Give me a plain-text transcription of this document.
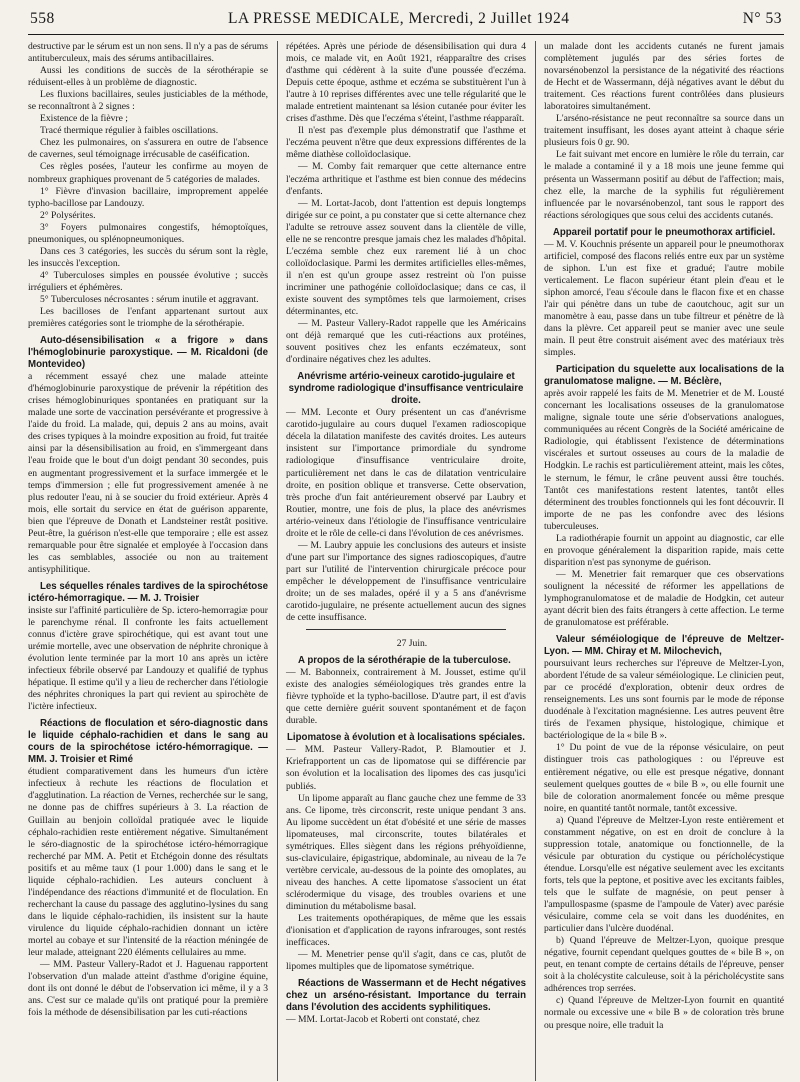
558	LA PRESSE MEDICALE, Mercredi, 2 Juillet 1924	N° 53

destructive par le sérum est un non sens. Il n'y a pas de sérums antituberculeux, mais des sérums antibacillaires.

Aussi les conditions de succès de la sérothérapie se réduisent-elles à un problème de diagnostic.

Les fluxions bacillaires, seules justiciables de la méthode, se reconnaîtront à 2 signes :

Existence de la fièvre ;

Tracé thermique régulier à faibles oscillations.

Chez les pulmonaires, on s'assurera en outre de l'absence de cavernes, seul témoignage irrécusable de caséification.

Ces règles posées, l'auteur les confirme au moyen de nombreux graphiques provenant de 5 catégories de malades.

1° Fièvre d'invasion bacillaire, improprement appelée typho-bacillose par Landouzy.

2° Polysérites.

3° Foyers pulmonaires congestifs, hémoptoïques, pneumoniques, ou splénopneumoniques.

Dans ces 3 catégories, les succès du sérum sont la règle, les insuccès l'exception.

4° Tuberculoses simples en poussée évolutive ; succès irréguliers et éphémères.

5° Tuberculoses nécrosantes : sérum inutile et aggravant.

Les bacilloses de l'enfant appartenant surtout aux premières catégories sont le triomphe de la sérothérapie.

Auto-désensibilisation « a frigore » dans l'hémoglobinurie paroxystique. — M. Ricaldoni (de Montevideo)

a récemment essayé chez une malade atteinte d'hémoglobinurie paroxystique de prévenir la répétition des crises hémoglobinuriques spontanées en pratiquant sur la malade une sorte de vaccination persévérante et progressive à l'aide du froid. La malade, qui, depuis 2 ans au moins, avait des crises typiques à la moindre exposition au froid, fut traitée ainsi par la désensibilisation au froid, en s'immergeant dans l'eau froide que le bout d'un doigt pendant 30 secondes, puis en augmentant progressivement et la surface immergée et le temps d'immersion ; elle fut progressivement amenée à ne plus redouter l'eau, ni à se soucier du froid extérieur. Après 4 mois, elle sortait du service en état de guérison apparente, bien que l'épreuve de Donath et Landsteiner restât positive. Peut-être, la guérison n'est-elle que temporaire ; elle est assez remarquable pour être signalée et employée à l'occasion dans les cas semblables, associée ou non au traitement antisyphilitique.

Les séquelles rénales tardives de la spirochétose ictéro-hémorragique. — M. J. Troisier

insiste sur l'affinité particulière de Sp. ictero-hemorragiæ pour le parenchyme rénal. Il confronte les faits actuellement connus d'ictère grave spirochétique, qui est avant tout une urémie mortelle, avec une observation de néphrite chronique à évolution lente terminée par la mort 10 ans après un ictère infectieux fébrile observé par Landouzy et qualifié de typhus hépatique. Il estime qu'il y a lieu de rechercher dans l'étiologie des néphrites chroniques la part qui revient au spirochète de l'ictère infectieux.

Réactions de floculation et séro-diagnostic dans le liquide céphalo-rachidien et dans le sang au cours de la spirochétose ictéro-hémorragique. — MM. J. Troisier et Rimé

étudient comparativement dans les humeurs d'un ictère infectieux à rechute les réactions de floculation et d'agglutination. La réaction de Vernes, recherchée sur le sang, ne donne pas de chiffres supérieurs à 3. La réaction de Guillain au benjoin colloïdal pratiquée avec le liquide céphalo-rachidien reste entièrement négative. Simultanément le séro-diagnostic de la spirochétose ictéro-hémorragique recherché par MM. A. Petit et Etchégoin donne des résultats positifs et au même taux (1 pour 1.000) dans le sang et le liquide céphalo-rachidien. Les auteurs concluent à l'indépendance des réactions d'immunité et de floculation. En recherchant la cause du passage des agglutino-lysines du sang dans le liquide céphalo-rachidien, ils insistent sur la haute virulence du liquide céphalo-rachidien donnant un ictère mortel au cobaye et sur l'intensité de la réaction méningée de leur malade, atteignant 220 éléments cellulaires au mme.

— MM. Pasteur Vallery-Radot et J. Haguenau rapportent l'observation d'un malade atteint d'asthme d'origine équine, dont ils ont donné le début de l'observation ici même, il y a 3 ans. C'est sur ce malade qu'ils ont pratiqué pour la première fois la méthode de désensibilisation par les cuti-réactions

répétées. Après une période de désensibilisation qui dura 4 mois, ce malade vit, en Août 1921, réapparaître des crises d'asthme qui cédèrent à la suite d'une poussée d'eczéma. Depuis cette époque, asthme et eczéma se substituèrent l'un à l'autre à 10 reprises différentes avec une telle régularité que le malade entretient maintenant sa lésion cutanée pour éviter les crises d'asthme. Dès que l'eczéma s'éteint, l'asthme réapparaît.

Il n'est pas d'exemple plus démonstratif que l'asthme et l'eczéma peuvent n'être que deux expressions différentes de la même diathèse colloïdoclasique.

— M. Comby fait remarquer que cette alternance entre l'eczéma arthritique et l'asthme est bien connue des médecins d'enfants.

— M. Lortat-Jacob, dont l'attention est depuis longtemps dirigée sur ce point, a pu constater que si cette alternance chez l'adulte se retrouve assez souvent dans la clientèle de ville, elle ne se rencontre presque jamais chez les malades d'hôpital. L'eczéma semble chez eux rarement lié à un choc colloïdoclasique. Parmi les dermites artificielles elles-mêmes, il n'en est qu'un groupe assez restreint où l'on puisse incriminer une pathogénie colloïdoclasique; dans ce cas, il existe souvent des symptômes tels que larmoiement, crises déterminantes, etc.

— M. Pasteur Vallery-Radot rappelle que les Américains ont déjà remarqué que les cuti-réactions aux protéines, souvent positives chez les enfants eczémateux, sont d'ordinaire négatives chez les adultes.

Anévrisme artério-veineux carotido-jugulaire et syndrome radiologique d'insuffisance ventriculaire droite.

— MM. Leconte et Oury présentent un cas d'anévrisme carotido-jugulaire au cours duquel l'examen radioscopique décela la dilatation manifeste des cavités droites. Les auteurs insistent sur l'importance primordiale du syndrome radiologique d'insuffisance ventriculaire droite, particulièrement net dans le cas de dilatation ventriculaire droite, en position oblique et transverse. Cette observation, très proche d'un fait antérieurement observé par Laubry et Routier, montre, une fois de plus, la place des anévrismes artério-veineux dans l'étiologie de l'insuffisance ventriculaire droite et le rôle de celle-ci dans l'évolution de ces anévrismes.

— M. Laubry appuie les conclusions des auteurs et insiste d'une part sur l'importance des signes radioscopiques, d'autre part sur l'utilité de l'intervention chirurgicale précoce pour empêcher le développement de l'insuffisance ventriculaire droite; un de ses malades, opéré il y a 5 ans d'anévrisme carotido-jugulaire, ne présente actuellement aucun des signes de cette insuffisance.

27 Juin.

A propos de la sérothérapie de la tuberculose.

— M. Babonneix, contrairement à M. Jousset, estime qu'il existe des analogies séméiologiques très grandes entre la fièvre typhoïde et la typho-bacillose. D'autre part, il est d'avis que cette dernière guérit souvent spontanément et de façon durable.

Lipomatose à évolution et à localisations spéciales.

— MM. Pasteur Vallery-Radot, P. Blamoutier et J. Kriefrapportent un cas de lipomatose qui se différencie par son évolution et la localisation des lipomes des cas jusqu'ici publiés.

Un lipome apparaît au flanc gauche chez une femme de 33 ans. Ce lipome, très circonscrit, reste unique pendant 3 ans. Au lipome succèdent un état d'obésité et une série de masses lipomateuses, mal circonscrite, toutes bilatérales et symétriques. Elles siègent dans les régions préhyoïdienne, sus-claviculaire, épigastrique, abdominale, au niveau de la 7e vertèbre cervicale, au-dessous de la pointe des omoplates, au niveau des hanches. A cette lipomatose s'associent un état sclérodermique du visage, des troubles ovariens et une diminution du métabolisme basal.

Les traitements opothérapiques, de même que les essais d'ionisation et d'application de rayons infrarouges, sont restés inefficaces.

— M. Menetrier pense qu'il s'agit, dans ce cas, plutôt de lipomes multiples que de lipomatose symétrique.

Réactions de Wassermann et de Hecht négatives chez un arséno-résistant. Importance du terrain dans l'évolution des accidents syphilitiques.

— MM. Lortat-Jacob et Roberti ont constaté, chez

un malade dont les accidents cutanés ne furent jamais complètement jugulés par des séries fortes de novarsénobenzol la persistance de la négativité des réactions de Hecht et de Wassermann, déjà négatives avant le début du traitement. Ces réactions furent contrôlées dans plusieurs laboratoires simultanément.

L'arséno-résistance ne peut reconnaître sa source dans un traitement insuffisant, les doses ayant atteint à chaque série plusieurs fois 0 gr. 90.

Le fait suivant met encore en lumière le rôle du terrain, car le malade a contaminé il y a 18 mois une jeune femme qui présenta un Wassermann positif au début de l'affection; mais, chez elle, la marche de la syphilis fut régulièrement influencée par le novarsénobenzol, tant sous le rapport des réactions sérologiques que sous celui des accidents cutanés.

Appareil portatif pour le pneumothorax artificiel.

— M. V. Kouchnis présente un appareil pour le pneumothorax artificiel, composé des flacons reliés entre eux par un système de siphon. L'un est fixe et gradué; l'autre mobile verticalement. Le flacon supérieur étant plein d'eau et le siphon amorcé, l'eau s'écoule dans le flacon fixe et en chasse l'air qui pénètre dans un tube de caoutchouc, agit sur un manomètre à eau, passe dans un tube filtreur et pénètre de là dans la plèvre. Cet appareil peut se manier avec une seule main. Il peut être construit aisément avec des matériaux très simples.

Participation du squelette aux localisations de la granulomatose maligne. — M. Béclère,

après avoir rappelé les faits de M. Menetrier et de M. Lousté concernant les localisations osseuses de la granulomatose maligne, signale toute une série d'observations analogues, communiquées au récent Congrès de la Société américaine de Radiologie, qui établissent l'existence de déterminations viscérales et surtout osseuses au cours de la maladie de Hodgkin. Le rachis est particulièrement atteint, mais les côtes, le sternum, le fémur, le crâne peuvent aussi être touchés. Tantôt ces manifestations restent latentes, tantôt elles déterminent des troubles fonctionnels qui les font découvrir. Il importe de ne pas les confondre avec des lésions tuberculeuses.

La radiothérapie fournit un appoint au diagnostic, car elle en provoque généralement la disparition rapide, mais cette disparition n'est pas synonyme de guérison.

— M. Menetrier fait remarquer que ces observations soulignent la nécessité de réformer les appellations de lymphogranulomatose et de maladie de Hodgkin, cet auteur ayant décrit bien des faits étrangers à cette affection. Le terme de granulomatose est préférable.

Valeur séméiologique de l'épreuve de Meltzer-Lyon. — MM. Chiray et M. Milochevich,

poursuivant leurs recherches sur l'épreuve de Meltzer-Lyon, abordent l'étude de sa valeur séméiologique. Le clinicien peut, par ce procédé d'exploration, obtenir deux ordres de renseignements. Les uns sont fournis par le mode de réponse duodénale à l'excitation magnésienne. Les autres peuvent être tirés de l'examen physique, histologique, chimique et bactériologique de la « bile B ».

1° Du point de vue de la réponse vésiculaire, on peut distinguer trois cas pathologiques : ou l'épreuve est entièrement négative, ou elle est presque négative, donnant seulement quelques gouttes de « bile B », ou elle fournit une bile de coloration anormalement foncée ou même presque noire, en quantité tantôt normale, tantôt excessive.

a) Quand l'épreuve de Meltzer-Lyon reste entièrement et constamment négative, on est en droit de conclure à la suppression totale, anatomique ou fonctionnelle, de la vésicule par obturation du cystique ou pérícholécystique étendue. Lorsqu'elle est négative seulement avec les excitants forts, tels que la peptone, et positive avec les excitants faibles, tels que le sulfate de magnésie, on peut penser à l'ampullospasme (spasme de l'ampoule de Vater) avec parésie vésiculaire, comme cela se voit dans les duodénites, en particulier dans l'ulcère duodénal.

b) Quand l'épreuve de Meltzer-Lyon, quoique presque négative, fournit cependant quelques gouttes de « bile B », on peut, en tenant compte de certains détails de l'épreuve, penser soit à la cholécystite calculeuse, soit à la péricholécystite sans adhérences trop serrées.

c) Quand l'épreuve de Meltzer-Lyon fournit en quantité normale ou excessive une « bile B » de coloration très brune ou presque noire, elle traduit la
